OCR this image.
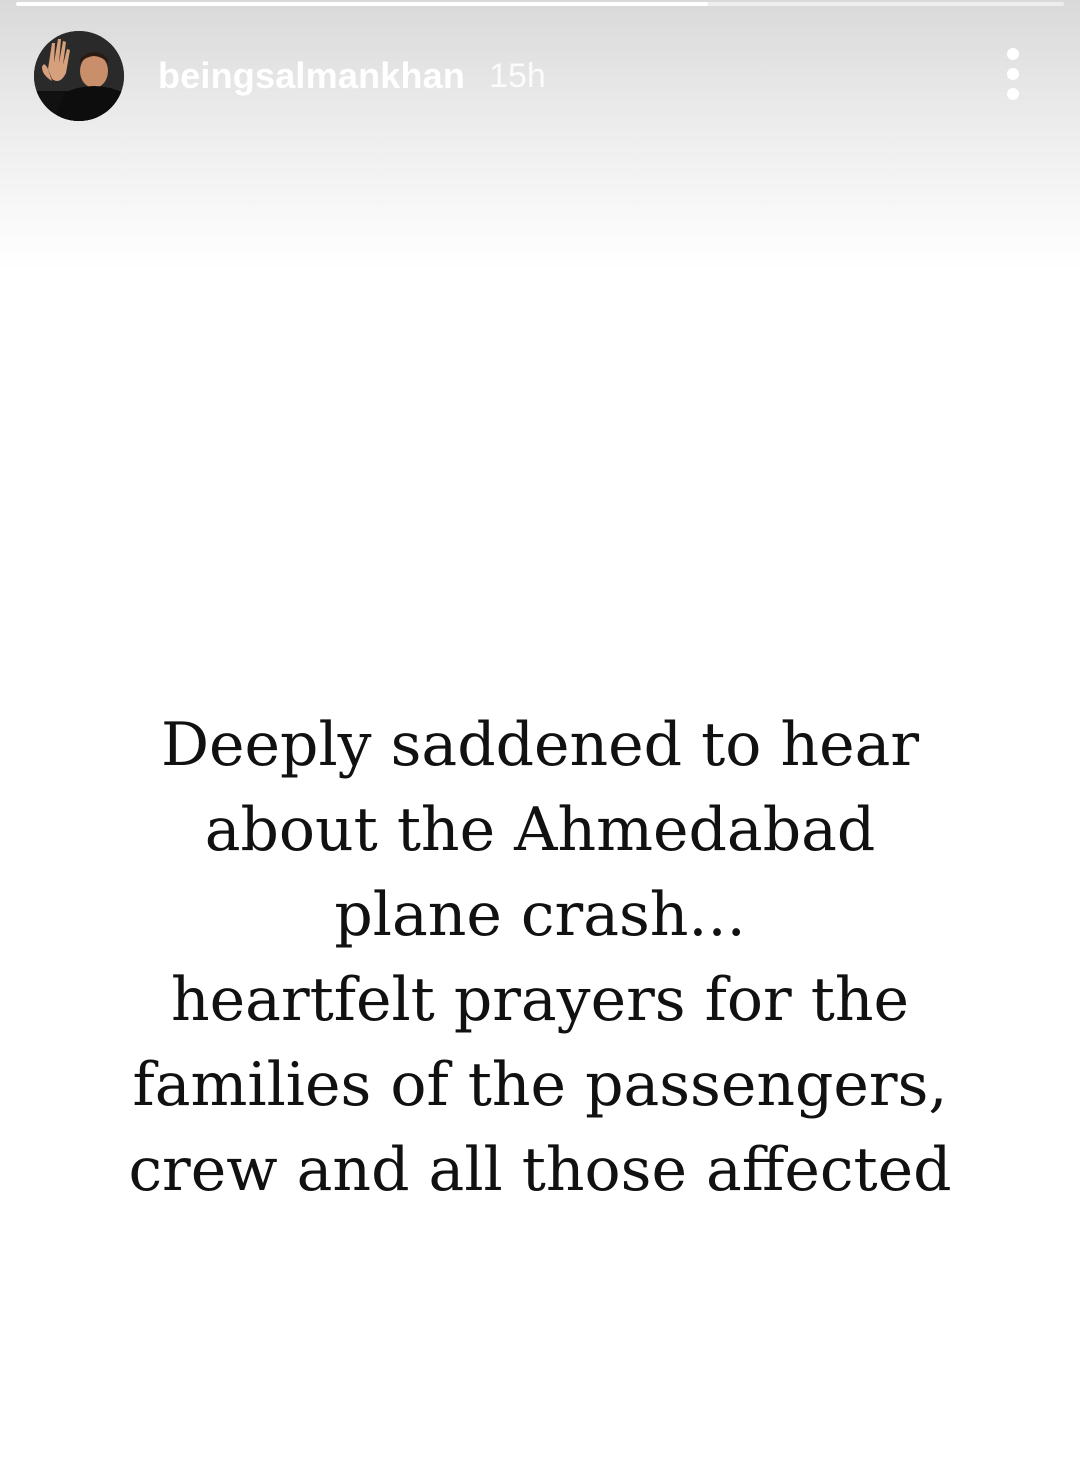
beingsalmankhan 15h
Deeply saddened to hear
about the Ahmedabad
plane crash...
heartfelt prayers for the
families of the passengers,
crew and all those affected
